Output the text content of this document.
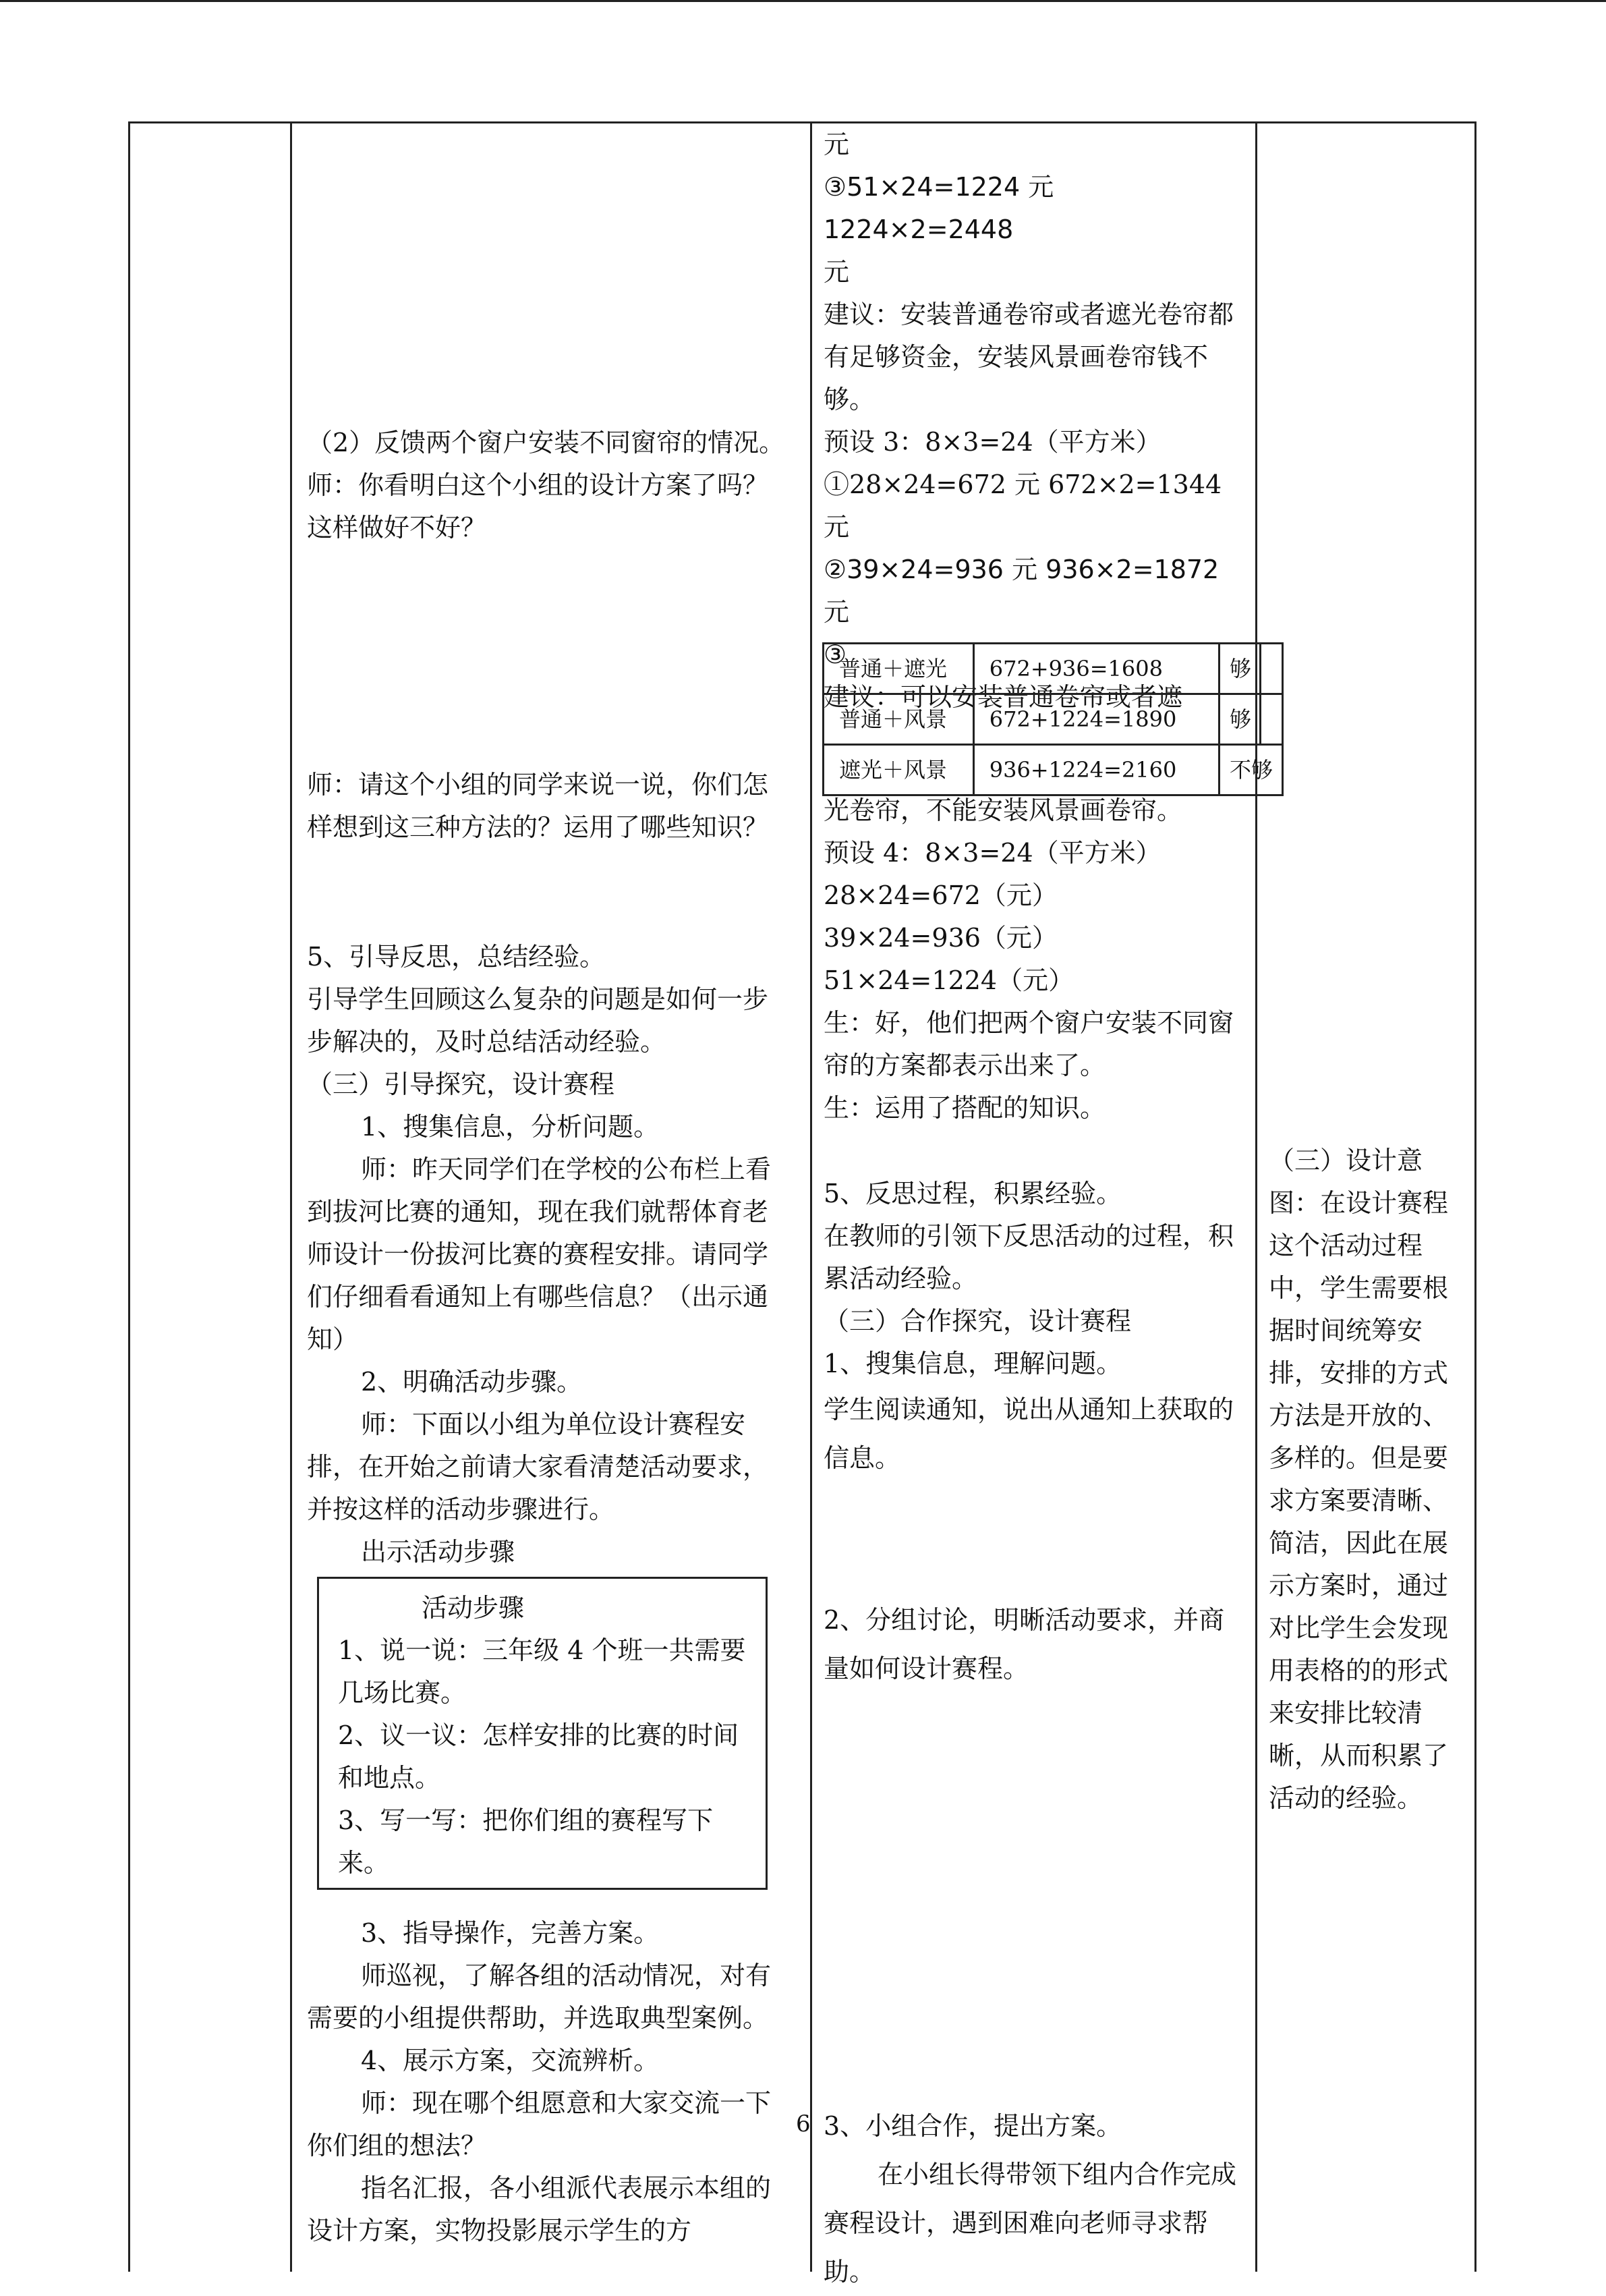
（2）反馈两个窗户安装不同窗帘的情况。

师：你看明白这个小组的设计方案了吗？这样做好不好？

师：请这个小组的同学来说一说，你们怎样想到这三种方法的？运用了哪些知识？

5、引导反思，总结经验。

引导学生回顾这么复杂的问题是如何一步步解决的，及时总结活动经验。

（三）引导探究，设计赛程

1、搜集信息，分析问题。

师：昨天同学们在学校的公布栏上看到拔河比赛的通知，现在我们就帮体育老师设计一份拔河比赛的赛程安排。请同学们仔细看看通知上有哪些信息？（出示通知）

2、明确活动步骤。

师：下面以小组为单位设计赛程安排，在开始之前请大家看清楚活动要求，并按这样的活动步骤进行。

出示活动步骤

活动步骤
1、说一说：三年级 4 个班一共需要几场比赛。
2、议一议：怎样安排的比赛的时间和地点。
3、写一写：把你们组的赛程写下来。

3、指导操作，完善方案。

师巡视，了解各组的活动情况，对有需要的小组提供帮助，并选取典型案例。

4、展示方案，交流辨析。

师：现在哪个组愿意和大家交流一下你们组的想法？

指名汇报，各小组派代表展示本组的设计方案，实物投影展示学生的方

元

③51×24=1224 元 1224×2=2448

元

建议：安装普通卷帘或者遮光卷帘都有足够资金，安装风景画卷帘钱不够。

预设 3：8×3=24（平方米）

①28×24=672 元 672×2=1344 元

②39×24=936 元 936×2=1872

元

③

建议：可以安装普通卷帘或者遮

普通＋遮光	672+936=1608	够	
普通＋风景	672+1224=1890	够	
遮光＋风景	936+1224=2160	不够	

光卷帘，不能安装风景画卷帘。

预设 4：8×3=24（平方米）

28×24=672（元）

39×24=936（元）

51×24=1224（元）

生：好，他们把两个窗户安装不同窗帘的方案都表示出来了。

生：运用了搭配的知识。

5、反思过程，积累经验。

在教师的引领下反思活动的过程，积累活动经验。

（三）合作探究，设计赛程

1、搜集信息，理解问题。

学生阅读通知，说出从通知上获取的信息。

2、分组讨论，明晰活动要求，并商量如何设计赛程。

3、小组合作，提出方案。

在小组长得带领下组内合作完成赛程设计，遇到困难向老师寻求帮助。

（三）设计意图：在设计赛程这个活动过程中，学生需要根据时间统筹安排，安排的方式方法是开放的、多样的。但是要求方案要清晰、简洁，因此在展示方案时，通过对比学生会发现用表格的的形式来安排比较清晰，从而积累了活动的经验。

6
